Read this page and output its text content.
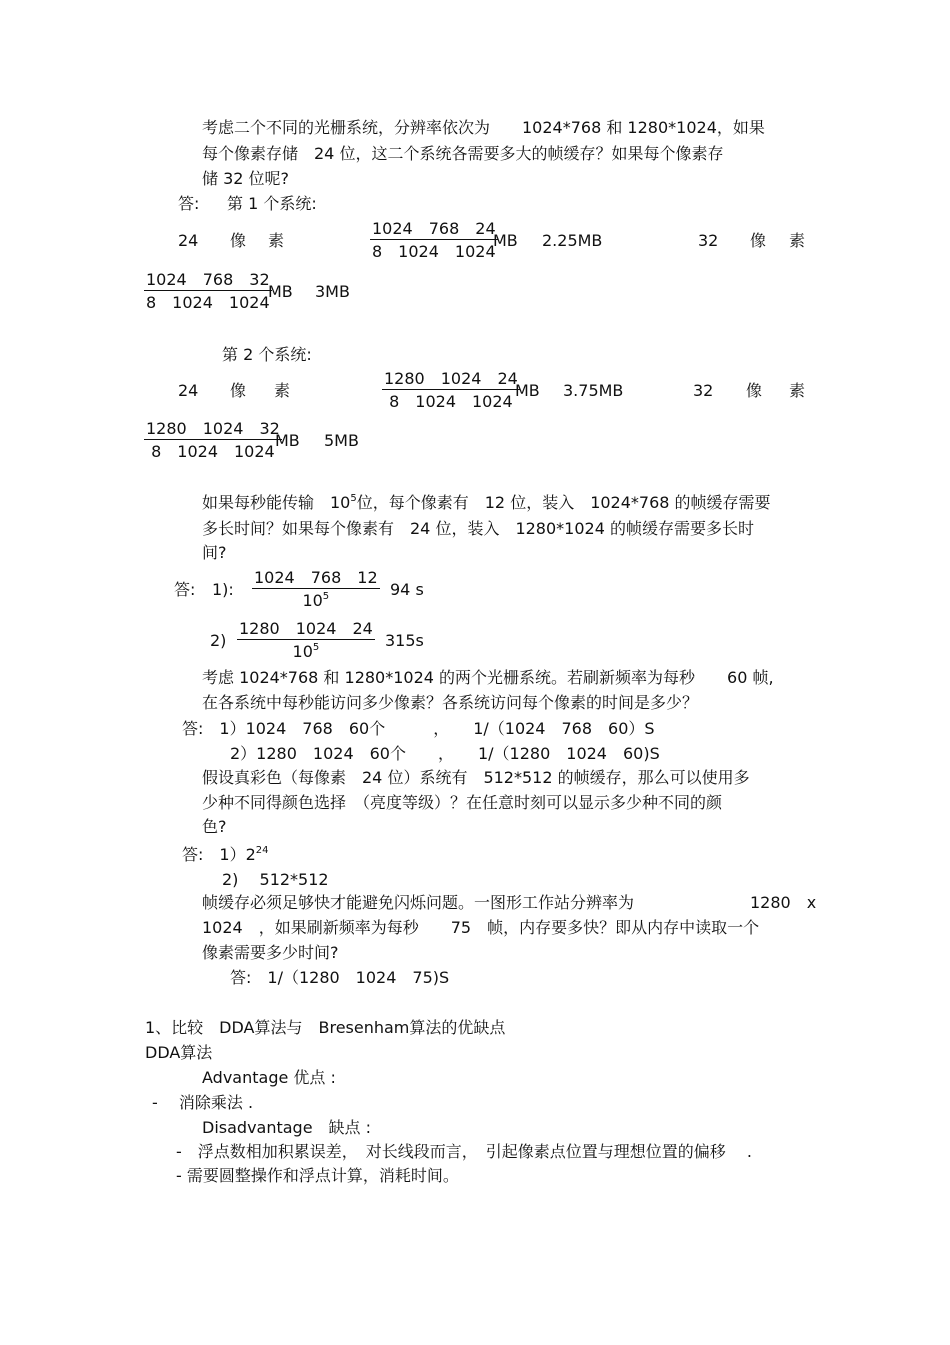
考虑二个不同的光栅系统，分辨率依次为　　1024*768 和 1280*1024，如果
每个像素存储　24 位，这二个系统各需要多大的帧缓存？如果每个像素存
储 32 位呢?
答: 第 1 个系统:
24 像 素	$\frac{1024 768 24}{8 1024 1024}$
MB 2.25MB	32 像 素
$\frac{1024 768 32}{8 1024 1024}$
MB 3MB
第 2 个系统:
24 像 素	$\frac{1280 1024 24}{8 1024 1024}$
MB 3.75MB	32 像 素
$\frac{1280 1024 32}{8 1024 1024}$
MB 5MB
如果每秒能传输　$10^5$位，每个像素有　12 位，装入　1024*768 的帧缓存需要
多长时间？如果每个像素有　24 位，装入　1280*1024 的帧缓存需要多长时
间?
答: 1): $\frac{1024 768 12}{10^5} 94$ s
$2) \frac{1280 1024 24}{10^5} 315s$
考虑 1024*768 和 1280*1024 的两个光栅系统。若刷新频率为每秒　　60 帧,
在各系统中每秒能访问多少像素？各系统访问每个像素的时间是多少？
答:　1）1024　768　60个　　　，　　1/（1024　768　60）S
2）1280　1024　60个　　，　　1/（1280　1024　60)S
假设真彩色（每像素　24 位）系统有　512*512 的帧缓存，那么可以使用多
少种不同得颜色选择　（亮度等级）？在任意时刻可以显示多少种不同的颜
色?
答:　$1)2^{24}$
2)　 512*512
帧缓存必须足够快才能避免闪烁问题。一图形工作站分辨率为	1280　x
1024　，如果刷新频率为每秒　　75　帧，内存要多快？即从内存中读取一个
像素需要多少时间?
答:　1/（1280　1024　75)S
1、比较　DDA算法与　Bresenham算法的优缺点
DDA算法
Advantage 优点 :
-　 消除乘法 .
Disadvantage　缺点 :
-　浮点数相加积累误差，　对长线段而言，　引起像素点位置与理想位置的偏移　 .
- 需要圆整操作和浮点计算，消耗时间。
